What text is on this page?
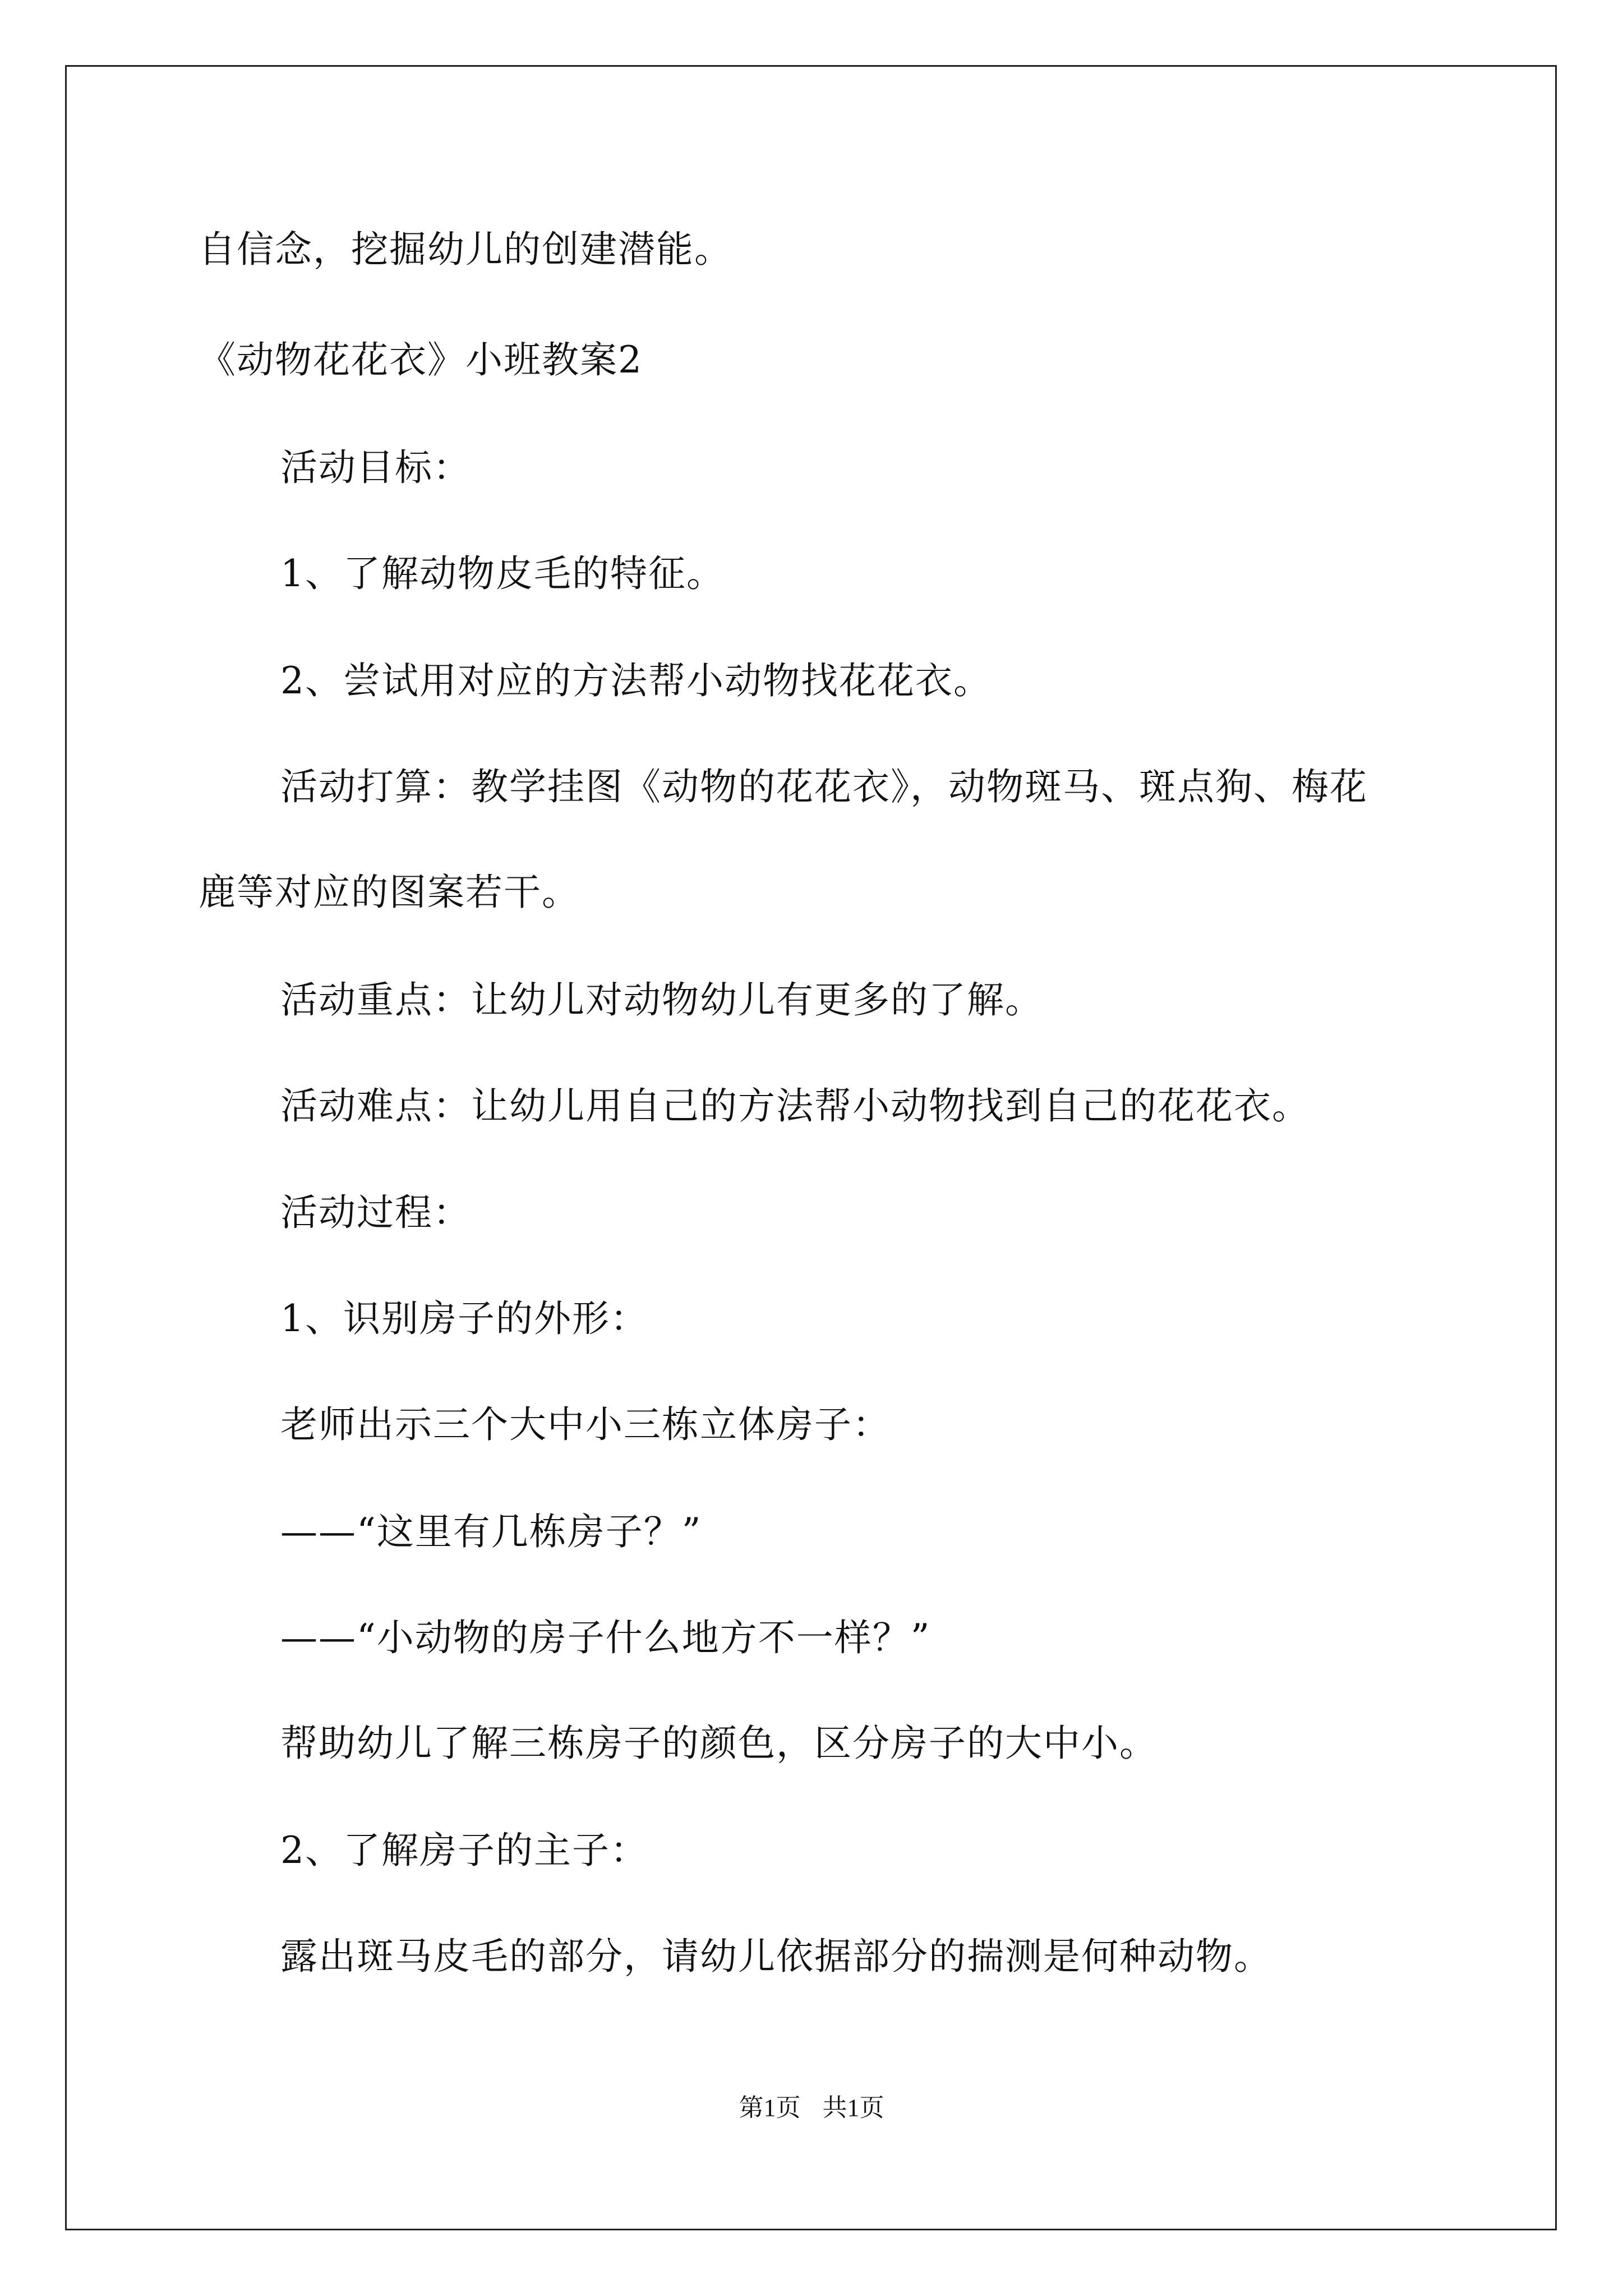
自信念，挖掘幼儿的创建潜能。
《动物花花衣》小班教案2
活动目标：
1、了解动物皮毛的特征。
2、尝试用对应的方法帮小动物找花花衣。
活动打算：教学挂图《动物的花花衣》，动物斑马、斑点狗、梅花
鹿等对应的图案若干。
活动重点：让幼儿对动物幼儿有更多的了解。
活动难点：让幼儿用自己的方法帮小动物找到自己的花花衣。
活动过程：
1、识别房子的外形：
老师出示三个大中小三栋立体房子：
——“这里有几栋房子？”
——“小动物的房子什么地方不一样？”
帮助幼儿了解三栋房子的颜色，区分房子的大中小。
2、了解房子的主子：
露出斑马皮毛的部分，请幼儿依据部分的揣测是何种动物。
第1页 共1页
